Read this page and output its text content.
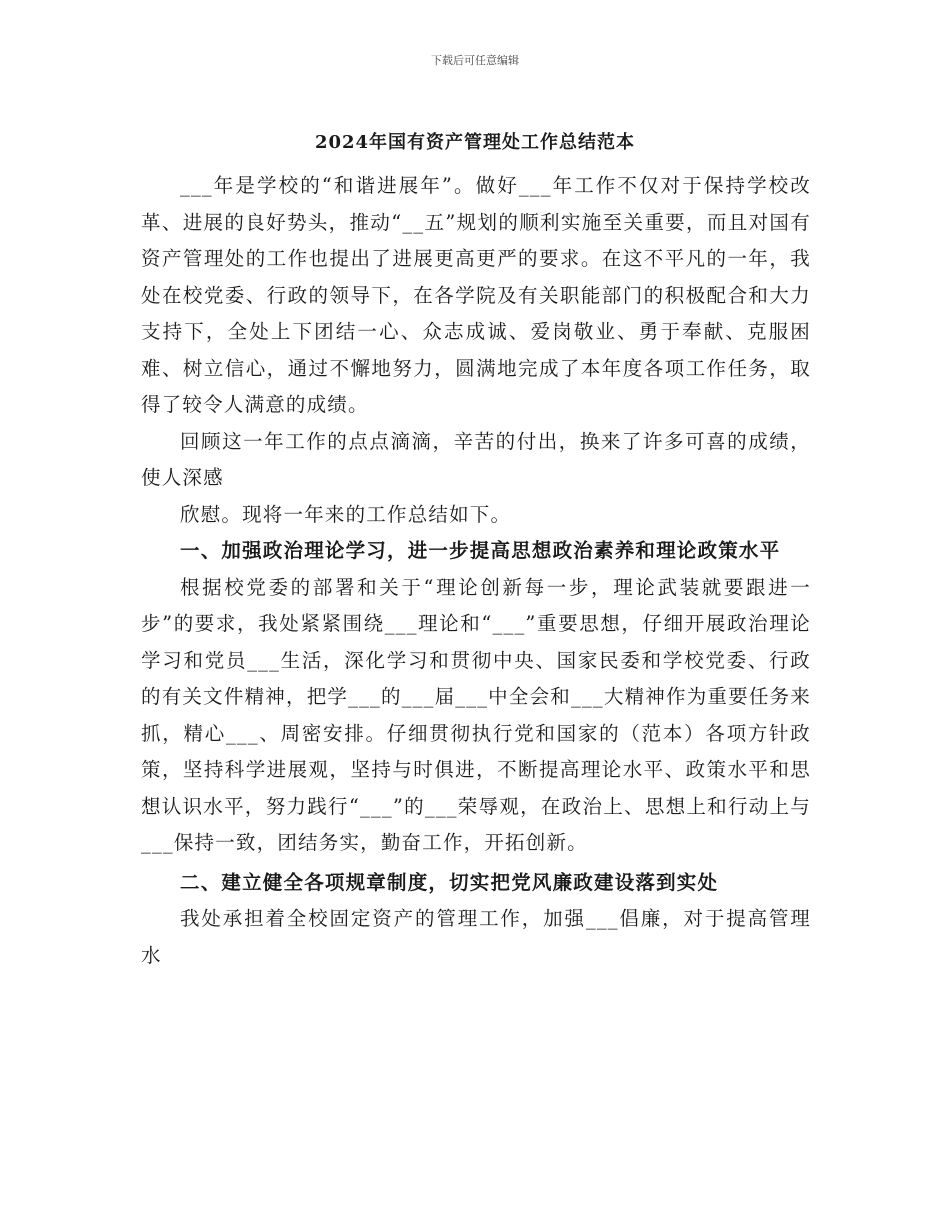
下载后可任意编辑
2024年国有资产管理处工作总结范本

___年是学校的“和谐进展年”。做好___年工作不仅对于保持学校改革、进展的良好势头，推动“__五”规划的顺利实施至关重要，而且对国有资产管理处的工作也提出了进展更高更严的要求。在这不平凡的一年，我处在校党委、行政的领导下，在各学院及有关职能部门的积极配合和大力支持下，全处上下团结一心、众志成诚、爱岗敬业、勇于奉献、克服困难、树立信心，通过不懈地努力，圆满地完成了本年度各项工作任务，取得了较令人满意的成绩。

回顾这一年工作的点点滴滴，辛苦的付出，换来了许多可喜的成绩，使人深感

欣慰。现将一年来的工作总结如下。

一、加强政治理论学习，进一步提高思想政治素养和理论政策水平

根据校党委的部署和关于“理论创新每一步，理论武装就要跟进一步”的要求，我处紧紧围绕___理论和“___”重要思想，仔细开展政治理论学习和党员___生活，深化学习和贯彻中央、国家民委和学校党委、行政的有关文件精神，把学___的___届___中全会和___大精神作为重要任务来抓，精心___、周密安排。仔细贯彻执行党和国家的（范本）各项方针政策，坚持科学进展观，坚持与时俱进，不断提高理论水平、政策水平和思想认识水平，努力践行“___”的___荣辱观，在政治上、思想上和行动上与___保持一致，团结务实，勤奋工作，开拓创新。

二、建立健全各项规章制度，切实把党风廉政建设落到实处

我处承担着全校固定资产的管理工作，加强___倡廉，对于提高管理水
